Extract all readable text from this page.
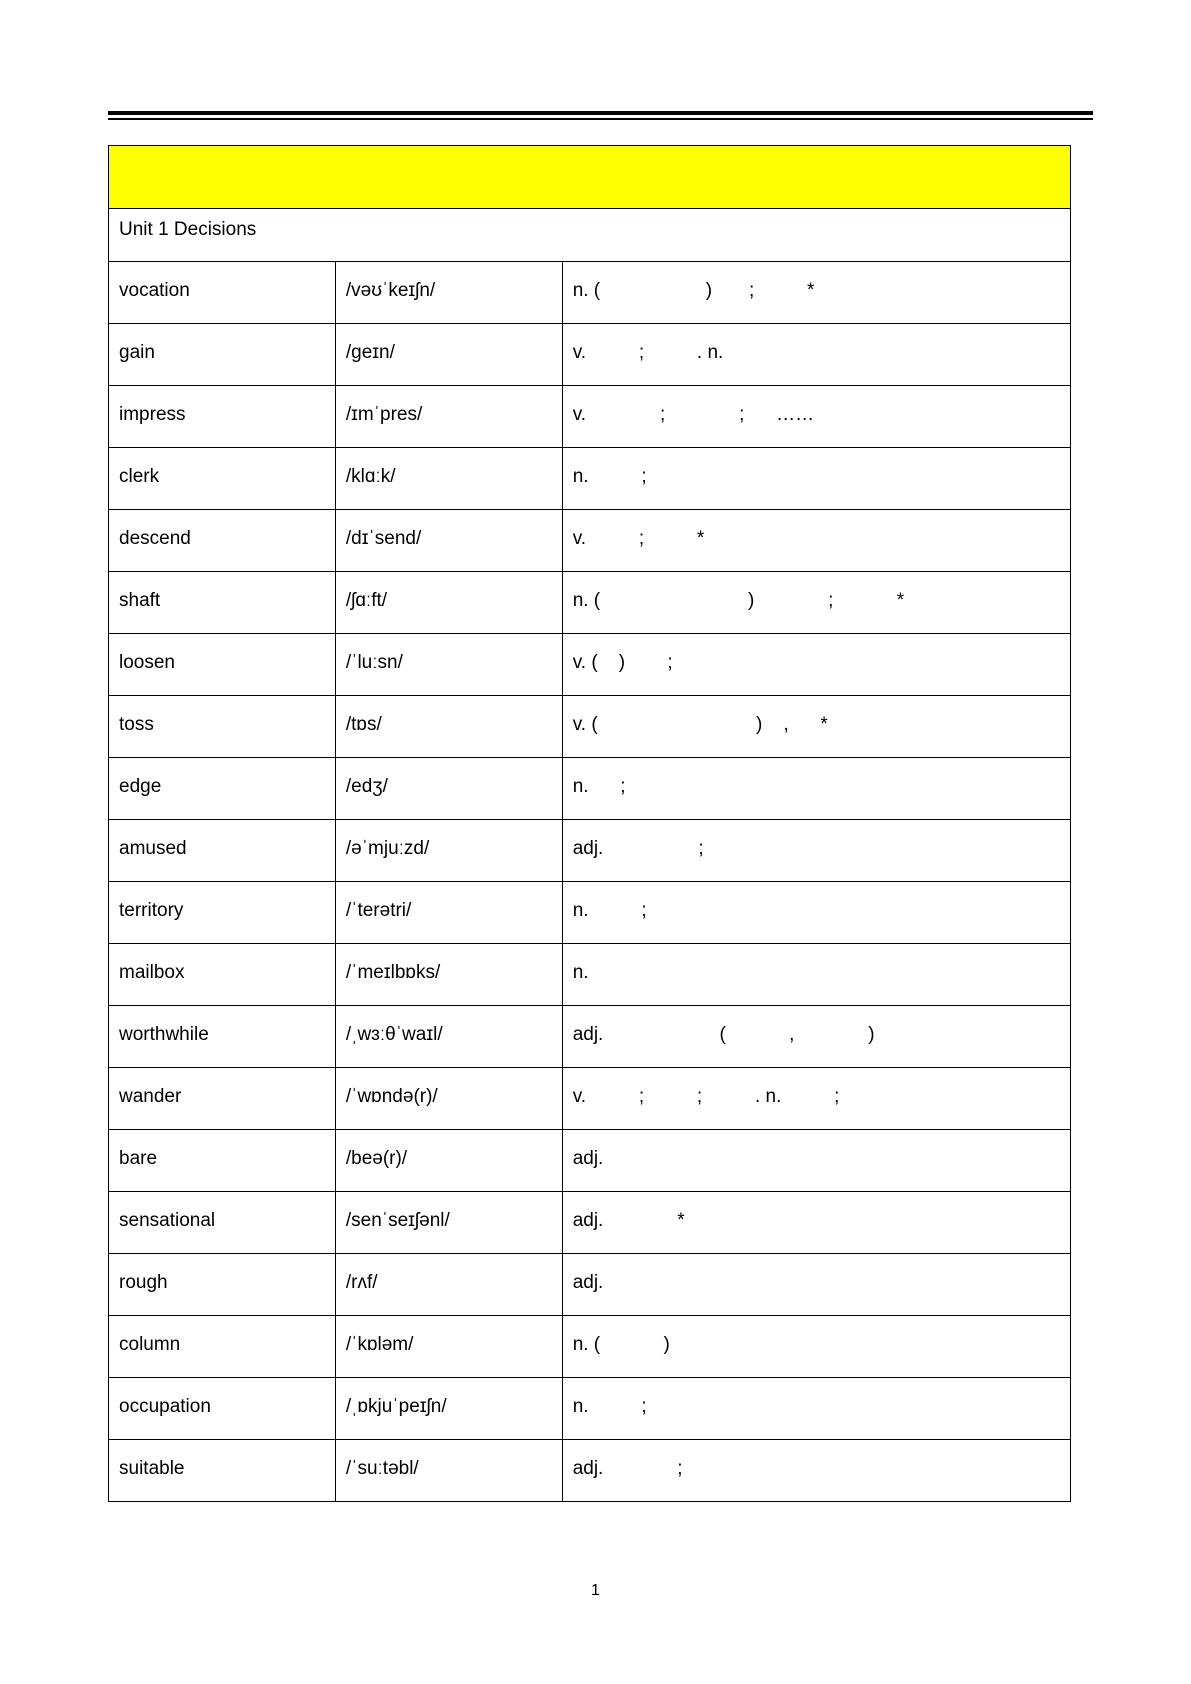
Unit 1 Decisions		
vocation	/vəʊˈkeɪʃn/	n. (                    )       ;          *
gain	/ɡeɪn/	v.          ;          . n.
impress	/ɪmˈpres/	v.              ;              ;      ……
clerk	/klɑːk/	n.          ;
descend	/dɪˈsend/	v.          ;          *
shaft	/ʃɑːft/	n. (                            )              ;            *
loosen	/ˈluːsn/	v. (    )        ;
toss	/tɒs/	v. (                              )    ,      *
edge	/edʒ/	n.      ;
amused	/əˈmjuːzd/	adj.                  ;
territory	/ˈterətri/	n.          ;
mailbox	/ˈmeɪlbɒks/	n.
worthwhile	/ˌwɜːθˈwaɪl/	adj.                      (            ,              )
wander	/ˈwɒndə(r)/	v.          ;          ;          . n.          ;
bare	/beə(r)/	adj.
sensational	/senˈseɪʃənl/	adj.              *
rough	/rʌf/	adj.
column	/ˈkɒləm/	n. (            )
occupation	/ˌɒkjuˈpeɪʃn/	n.          ;
suitable	/ˈsuːtəbl/	adj.              ;
1
